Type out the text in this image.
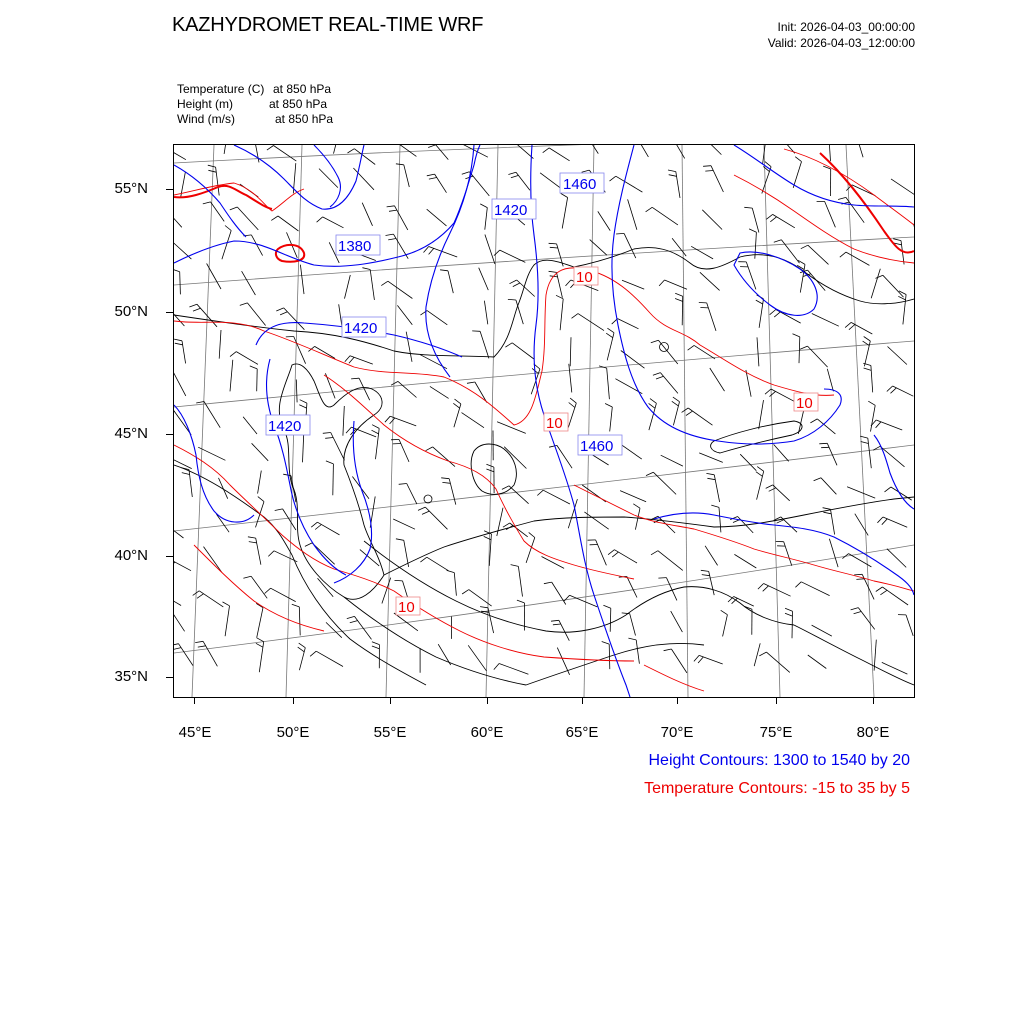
KAZHYDROMET REAL-TIME WRF	Init: 2026-04-03_00:00:00
Valid: 2026-04-03_12:00:00
Temperature (C) at 850 hPa
Height (m)	at 850 hPa
Wind (m/s)	at 850 hPa
1460
1420
1380
1420
1420
1460
10
10
10
10
55°N
50°N
45°N
40°N
35°N
45°E	50°E	55°E	60°E	65°E	70°E	75°E	80°E
Height Contours: 1300 to 1540 by 20
Temperature Contours: -15 to 35 by 5
